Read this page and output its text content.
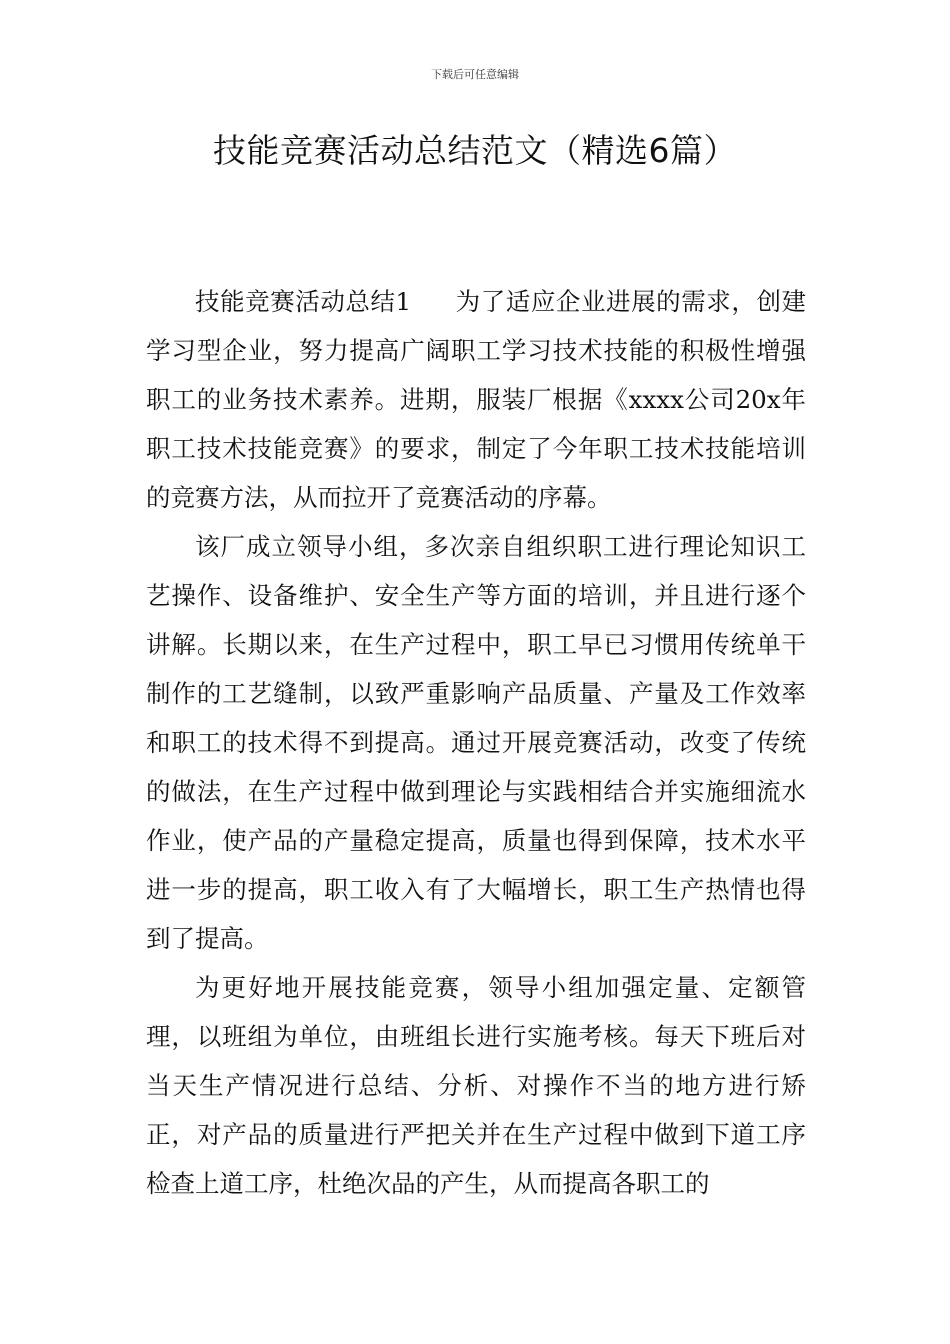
下载后可任意编辑
技能竞赛活动总结范文（精选6篇）

技能竞赛活动总结1 为了适应企业进展的需求，创建学习型企业，努力提高广阔职工学习技术技能的积极性增强职工的业务技术素养。进期，服装厂根据《xxxx公司20x年职工技术技能竞赛》的要求，制定了今年职工技术技能培训的竞赛方法，从而拉开了竞赛活动的序幕。

该厂成立领导小组，多次亲自组织职工进行理论知识工艺操作、设备维护、安全生产等方面的培训，并且进行逐个讲解。长期以来，在生产过程中，职工早已习惯用传统单干制作的工艺缝制，以致严重影响产品质量、产量及工作效率和职工的技术得不到提高。通过开展竞赛活动，改变了传统的做法，在生产过程中做到理论与实践相结合并实施细流水作业，使产品的产量稳定提高，质量也得到保障，技术水平进一步的提高，职工收入有了大幅增长，职工生产热情也得到了提高。

为更好地开展技能竞赛，领导小组加强定量、定额管理，以班组为单位，由班组长进行实施考核。每天下班后对当天生产情况进行总结、分析、对操作不当的地方进行矫正，对产品的质量进行严把关并在生产过程中做到下道工序检查上道工序，杜绝次品的产生，从而提高各职工的
